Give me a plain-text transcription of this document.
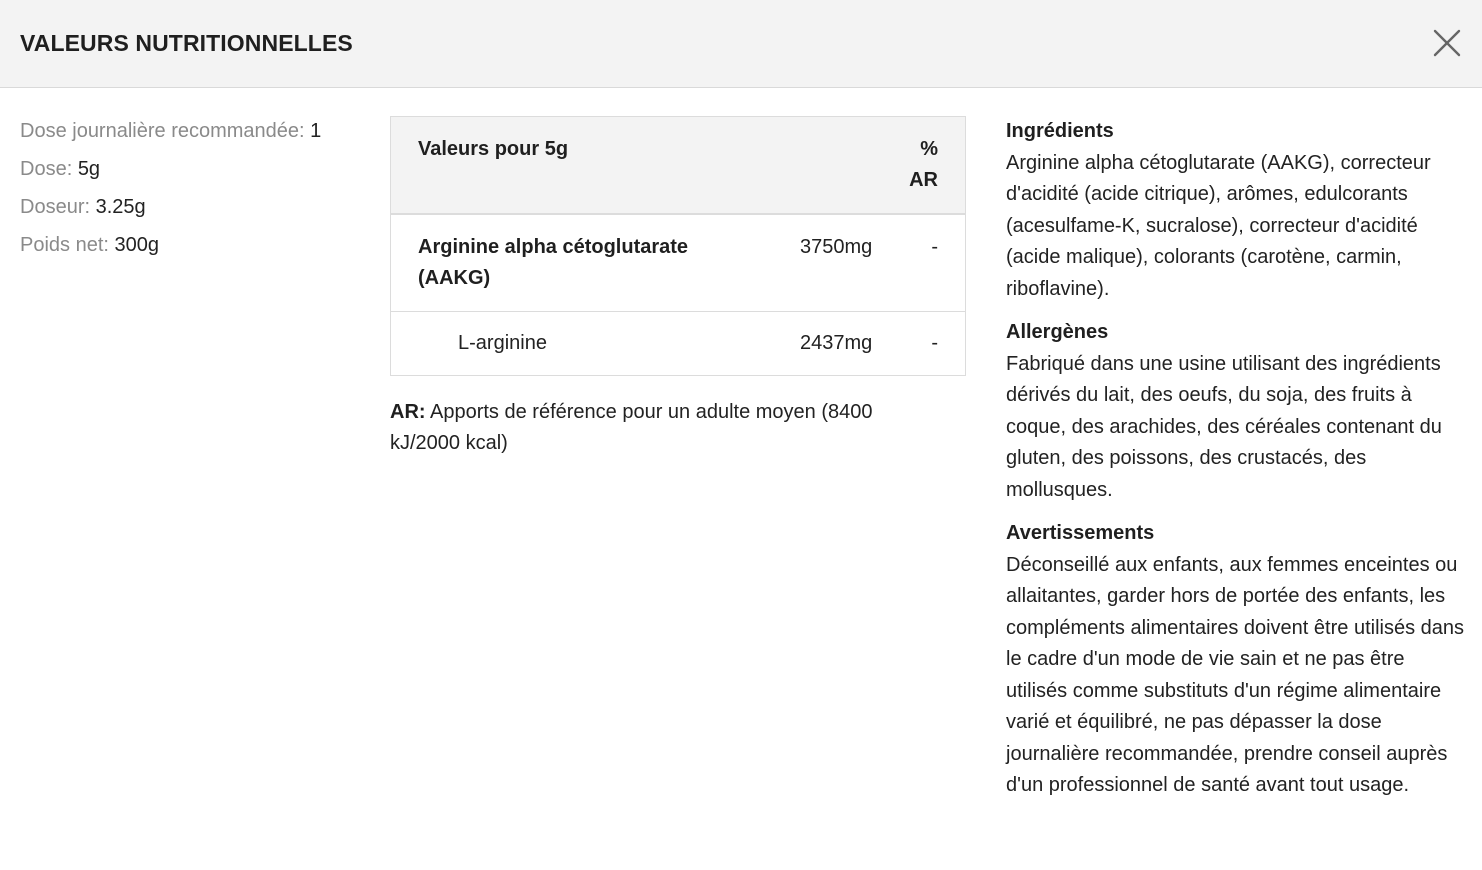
VALEURS NUTRITIONNELLES
Dose journalière recommandée: 1
Dose: 5g
Doseur: 3.25g
Poids net: 300g
Valeurs pour 5g		%
AR
Arginine alpha cétoglutarate
(AAKG)	3750mg	-
L-arginine	2437mg	-
AR: Apports de référence pour un adulte moyen (8400 kJ/2000 kcal)
Ingrédients
Arginine alpha cétoglutarate (AAKG), correcteur d'acidité (acide citrique), arômes, edulcorants (acesulfame-K, sucralose), correcteur d'acidité (acide malique), colorants (carotène, carmin, riboflavine).
Allergènes
Fabriqué dans une usine utilisant des ingrédients dérivés du lait, des oeufs, du soja, des fruits à coque, des arachides, des céréales contenant du gluten, des poissons, des crustacés, des mollusques.
Avertissements
Déconseillé aux enfants, aux femmes enceintes ou allaitantes, garder hors de portée des enfants, les compléments alimentaires doivent être utilisés dans le cadre d'un mode de vie sain et ne pas être utilisés comme substituts d'un régime alimentaire varié et équilibré, ne pas dépasser la dose journalière recommandée, prendre conseil auprès d'un professionnel de santé avant tout usage.
